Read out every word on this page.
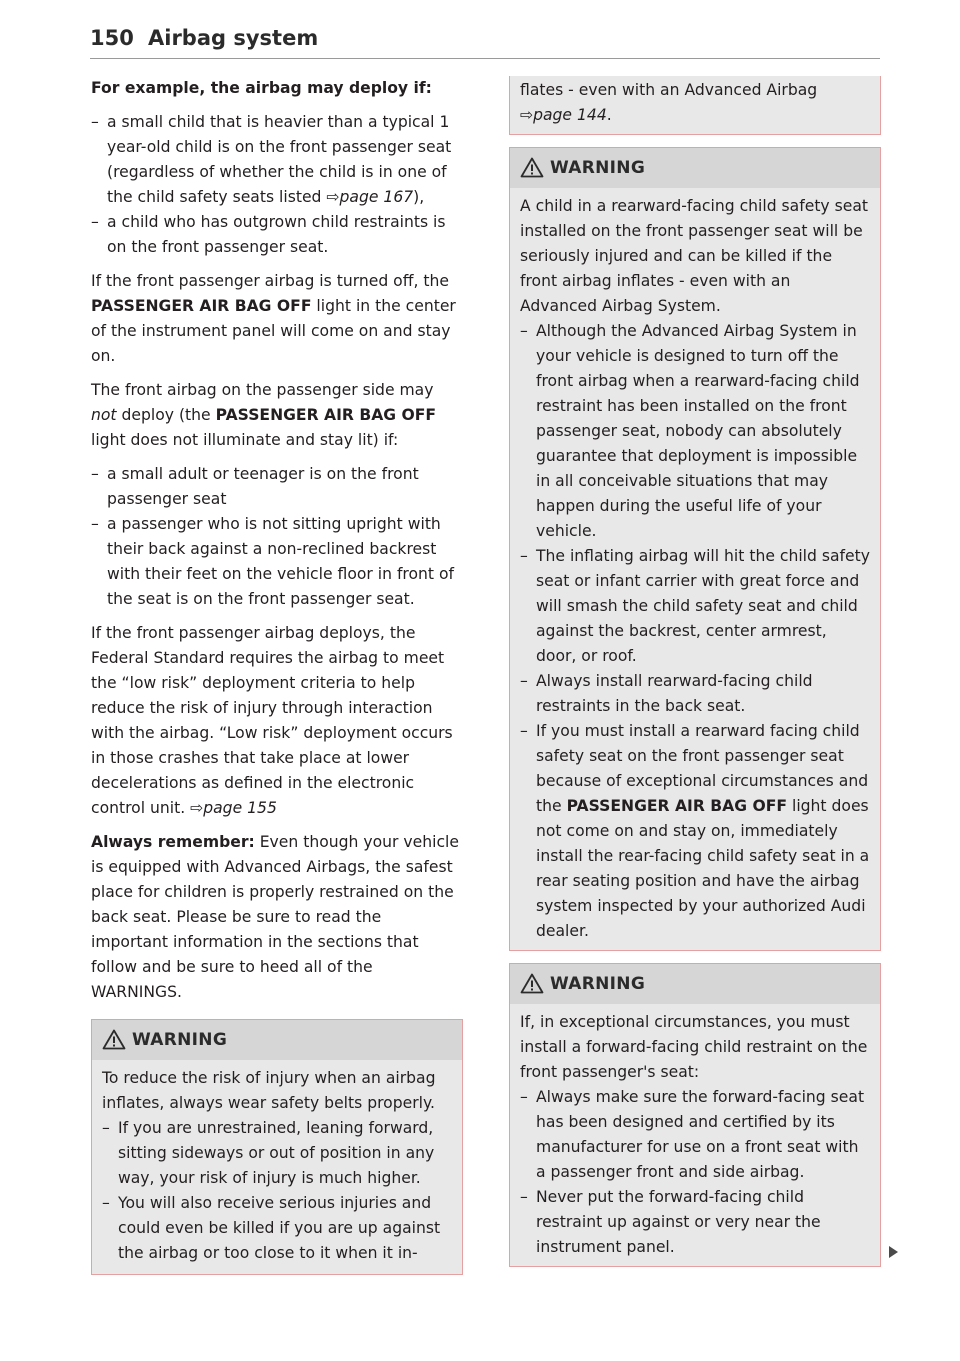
150 Airbag system

For example, the airbag may deploy if:

– a small child that is heavier than a typical 1 year-old child is on the front passenger seat (regardless of whether the child is in one of the child safety seats listed ⇨page 167),
– a child who has outgrown child restraints is on the front passenger seat.

If the front passenger airbag is turned off, the PASSENGER AIR BAG OFF light in the center of the instrument panel will come on and stay on.

The front airbag on the passenger side may not deploy (the PASSENGER AIR BAG OFF light does not illuminate and stay lit) if:

– a small adult or teenager is on the front passenger seat
– a passenger who is not sitting upright with their back against a non-reclined backrest with their feet on the vehicle floor in front of the seat is on the front passenger seat.

If the front passenger airbag deploys, the Federal Standard requires the airbag to meet the “low risk” deployment criteria to help reduce the risk of injury through interaction with the airbag. “Low risk” deployment occurs in those crashes that take place at lower decelerations as defined in the electronic control unit. ⇨page 155

Always remember: Even though your vehicle is equipped with Advanced Airbags, the safest place for children is properly restrained on the back seat. Please be sure to read the important information in the sections that follow and be sure to heed all of the WARNINGS.

WARNING

To reduce the risk of injury when an airbag inflates, always wear safety belts properly.

– If you are unrestrained, leaning forward, sitting sideways or out of position in any way, your risk of injury is much higher.
– You will also receive serious injuries and could even be killed if you are up against the airbag or too close to it when it in-

flates - even with an Advanced Airbag ⇨page 144.

WARNING

A child in a rearward-facing child safety seat installed on the front passenger seat will be seriously injured and can be killed if the front airbag inflates - even with an Advanced Airbag System.

– Although the Advanced Airbag System in your vehicle is designed to turn off the front airbag when a rearward-facing child restraint has been installed on the front passenger seat, nobody can absolutely guarantee that deployment is impossible in all conceivable situations that may happen during the useful life of your vehicle.
– The inflating airbag will hit the child safety seat or infant carrier with great force and will smash the child safety seat and child against the backrest, center armrest, door, or roof.
– Always install rearward-facing child restraints in the back seat.
– If you must install a rearward facing child safety seat on the front passenger seat because of exceptional circumstances and the PASSENGER AIR BAG OFF light does not come on and stay on, immediately install the rear-facing child safety seat in a rear seating position and have the airbag system inspected by your authorized Audi dealer.
WARNING

If, in exceptional circumstances, you must install a forward-facing child restraint on the front passenger's seat:

– Always make sure the forward-facing seat has been designed and certified by its manufacturer for use on a front seat with a passenger front and side airbag.
– Never put the forward-facing child restraint up against or very near the instrument panel.
